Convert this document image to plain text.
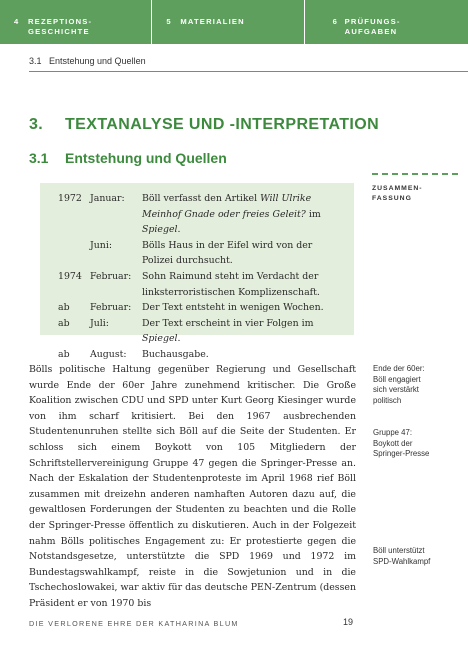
4 REZEPTIONS-
GESCHICHTE
5 MATERIALIEN	6 PRÜFUNGS-
AUFGABEN
3.1 Entstehung und Quellen
3. TEXTANALYSE UND -INTERPRETATION
3.1 Entstehung und Quellen
ZUSAMMEN-
FASSUNG
1972 Januar:	Böll verfasst den Artikel Will Ulrike Meinhof Gnade oder freies Geleit? im Spiegel.
Juni:	Bölls Haus in der Eifel wird von der Polizei durchsucht.
1974 Februar:	Sohn Raimund steht im Verdacht der linksterroristischen Komplizenschaft.
ab	Februar:	Der Text entsteht in wenigen Wochen.
ab	Juli:	Der Text erscheint in vier Folgen im Spiegel.
ab	August:	Buchausgabe.

Bölls politische Haltung gegenüber Regierung und Gesellschaft wurde Ende der 60er Jahre zunehmend kritischer. Die Große Koalition zwischen CDU und SPD unter Kurt Georg Kiesinger wurde von ihm scharf kritisiert. Bei den 1967 ausbrechenden Studentenunruhen stellte sich Böll auf die Seite der Studenten. Er schloss sich einem Boykott von 105 Mitgliedern der Schriftstellervereinigung Gruppe 47 gegen die Springer-Presse an. Nach der Eskalation der Studentenproteste im April 1968 rief Böll zusammen mit dreizehn anderen namhaften Autoren dazu auf, die gewaltlosen Forderungen der Studenten zu beachten und die Rolle der Springer-Presse öffentlich zu diskutieren. Auch in der Folgezeit nahm Bölls politisches Engagement zu: Er protestierte gegen die Notstandsgesetze, unterstützte die SPD 1969 und 1972 im Bundestagswahlkampf, reiste in die Sowjetunion und in die Tschechoslowakei, war aktiv für das deutsche PEN-Zentrum (dessen Präsident er von 1970 bis

Ende der 60er:
Böll engagiert
sich verstärkt
politisch
Gruppe 47:
Boykott der
Springer-Presse
Böll unterstützt
SPD-Wahlkampf
DIE VERLORENE EHRE DER KATHARINA BLUM	19
